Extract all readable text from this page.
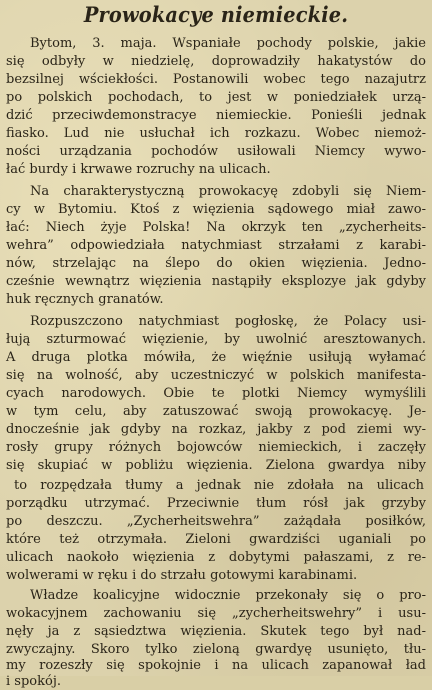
Prowokacye niemieckie.
Bytom, 3. maja. Wspaniałe pochody polskie, jakie
się odbyły w niedzielę, doprowadziły hakatystów do
bezsilnej wściekłości. Postanowili wobec tego nazajutrz
po polskich pochodach, to jest w poniedziałek urzą-
dzić przeciwdemonstracye niemieckie. Ponieśli jednak
fiasko. Lud nie usłuchał ich rozkazu. Wobec niemoż-
ności urządzania pochodów usiłowali Niemcy wywo-
łać burdy i krwawe rozruchy na ulicach.
Na charakterystyczną prowokacyę zdobyli się Niem-
cy w Bytomiu. Ktoś z więzienia sądowego miał zawo-
łać: Niech żyje Polska! Na okrzyk ten „zycherheits-
wehra” odpowiedziała natychmiast strzałami z karabi-
nów, strzelając na ślepo do okien więzienia. Jedno-
cześnie wewnątrz więzienia nastąpiły eksplozye jak gdyby
huk ręcznych granatów.
Rozpuszczono natychmiast pogłoskę, że Polacy usi-
łują szturmować więzienie, by uwolnić aresztowanych.
A druga plotka mówiła, że więźnie usiłują wyłamać
się na wolność, aby uczestniczyć w polskich manifesta-
cyach narodowych. Obie te plotki Niemcy wymyślili
w tym celu, aby zatuszować swoją prowokacyę. Je-
dnocześnie jak gdyby na rozkaz, jakby z pod ziemi wy-
rosły grupy różnych bojowców niemieckich, i zaczęły
się skupiać w pobliżu więzienia. Zielona gwardya niby
to rozpędzała tłumy a jednak nie zdołała na ulicach
porządku utrzymać. Przeciwnie tłum rósł jak grzyby
po deszczu. „Zycherheitswehra” zażądała posiłków,
które też otrzymała. Zieloni gwardziści uganiali po
ulicach naokoło więzienia z dobytymi pałaszami, z re-
wolwerami w ręku i do strzału gotowymi karabinami.
Władze koalicyjne widocznie przekonały się o pro-
wokacyjnem zachowaniu się „zycherheitswehry” i usu-
nęły ja z sąsiedztwa więzienia. Skutek tego był nad-
zwyczajny. Skoro tylko zieloną gwardyę usunięto, tłu-
my rozeszły się spokojnie i na ulicach zapanował ład
i spokój.
